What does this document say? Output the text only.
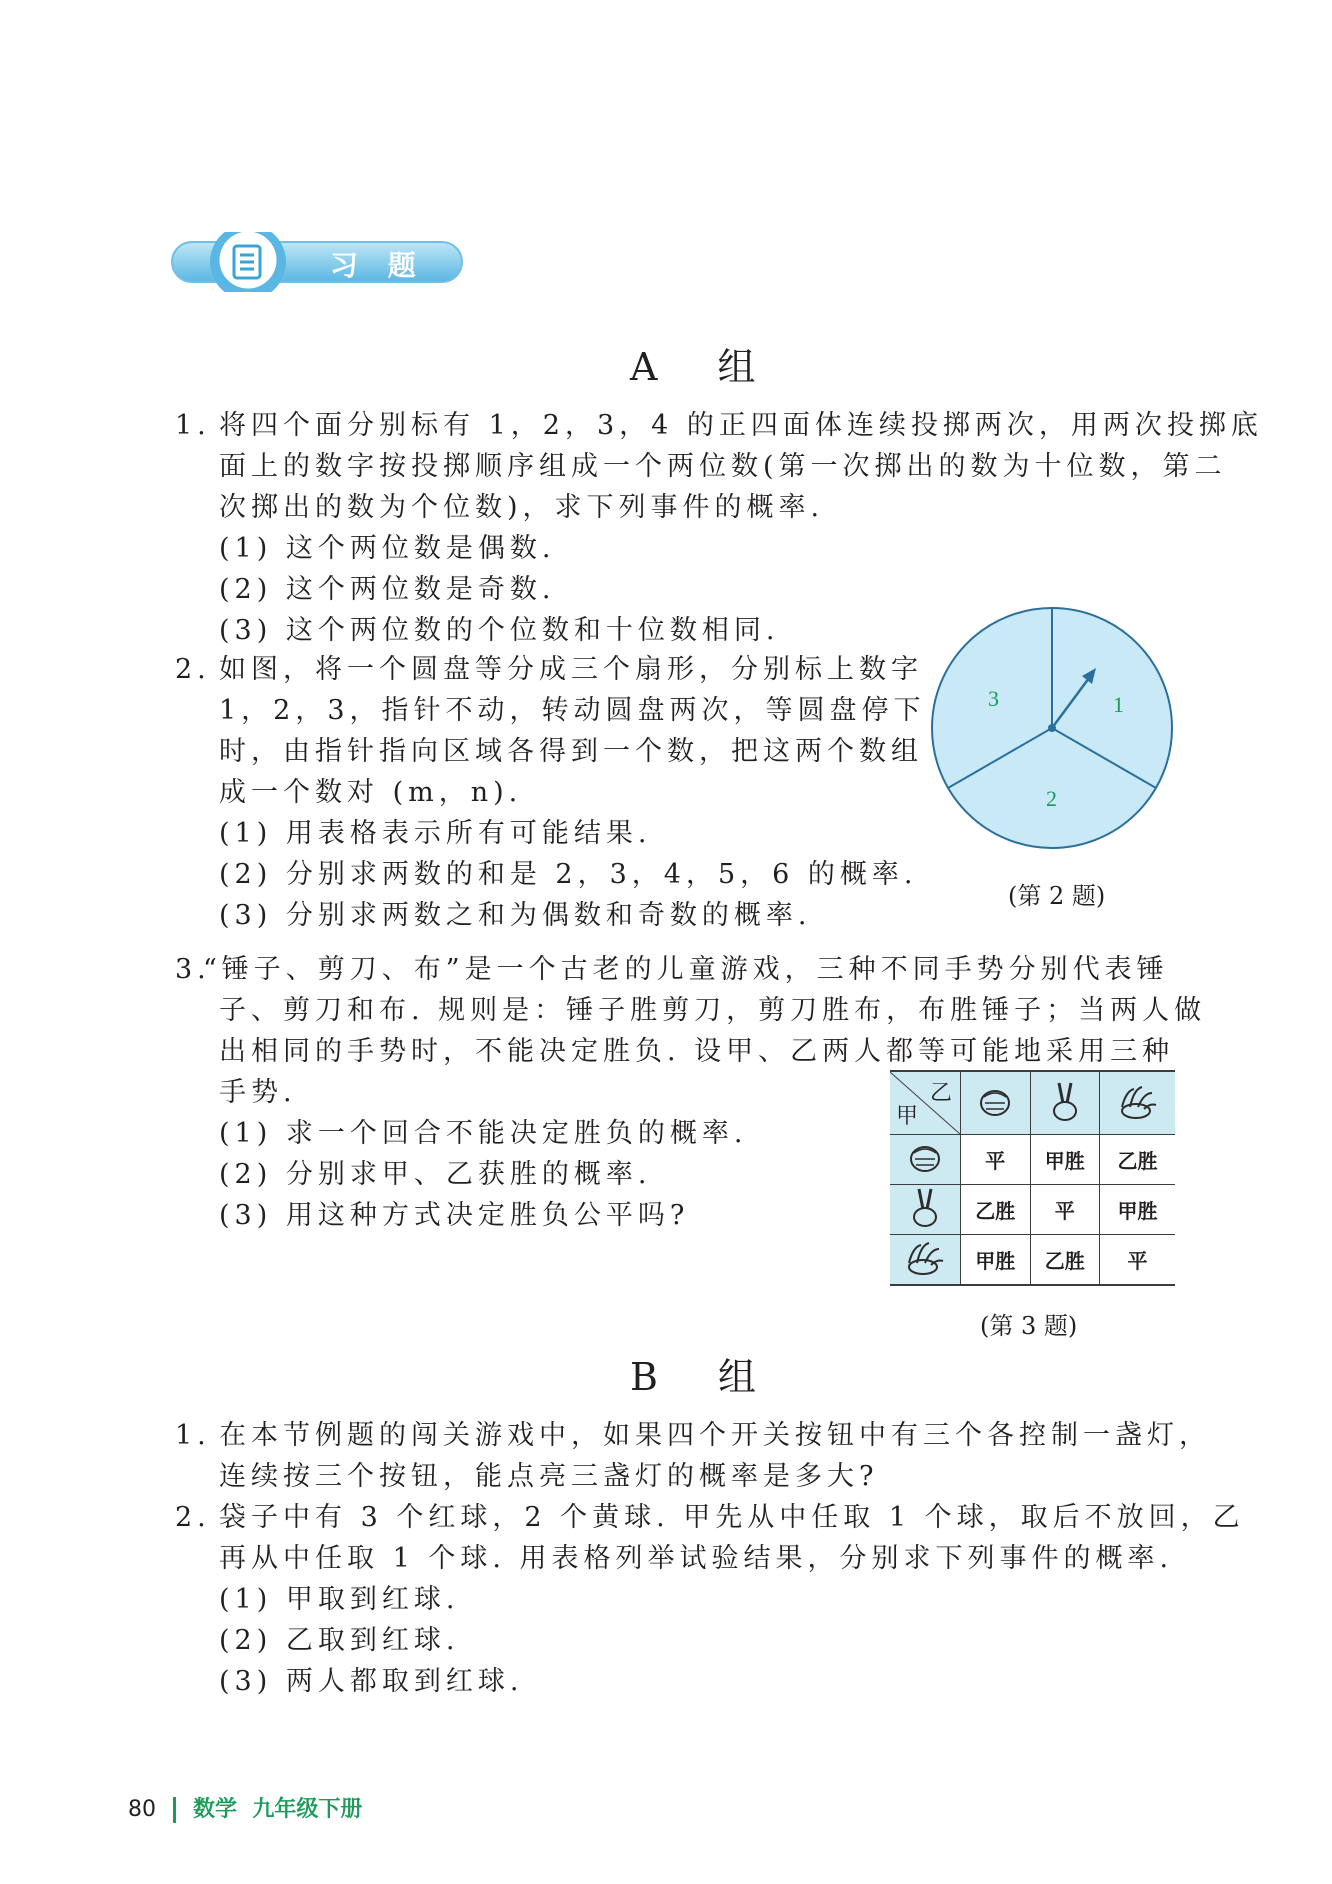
习 题
A 组
1. 将四个面分别标有 1，2，3，4 的正四面体连续投掷两次，用两次投掷底
面上的数字按投掷顺序组成一个两位数(第一次掷出的数为十位数，第二
次掷出的数为个位数)，求下列事件的概率.
(1) 这个两位数是偶数.
(2) 这个两位数是奇数.
(3) 这个两位数的个位数和十位数相同.
2. 如图，将一个圆盘等分成三个扇形，分别标上数字
1，2，3，指针不动，转动圆盘两次，等圆盘停下
时，由指针指向区域各得到一个数，把这两个数组
成一个数对 (m，n).
(1) 用表格表示所有可能结果.
(2) 分别求两数的和是 2，3，4，5，6 的概率.
(3) 分别求两数之和为偶数和奇数的概率.
1
2
3
(第 2 题)
3.
“锤子、剪刀、布”是一个古老的儿童游戏，三种不同手势分别代表锤
子、剪刀和布. 规则是：锤子胜剪刀，剪刀胜布，布胜锤子；当两人做
出相同的手势时，不能决定胜负. 设甲、乙两人都等可能地采用三种
手势.
(1) 求一个回合不能决定胜负的概率.
(2) 分别求甲、乙获胜的概率.
(3) 用这种方式决定胜负公平吗?
乙
甲

	平	甲胜	乙胜
	乙胜	平	甲胜
	甲胜	乙胜	平
(第 3 题)
B 组
1. 在本节例题的闯关游戏中，如果四个开关按钮中有三个各控制一盏灯，
连续按三个按钮，能点亮三盏灯的概率是多大?
2. 袋子中有 3 个红球，2 个黄球. 甲先从中任取 1 个球，取后不放回，乙
再从中任取 1 个球. 用表格列举试验结果，分别求下列事件的概率.
(1) 甲取到红球.
(2) 乙取到红球.
(3) 两人都取到红球.
80 数学  九年级下册
